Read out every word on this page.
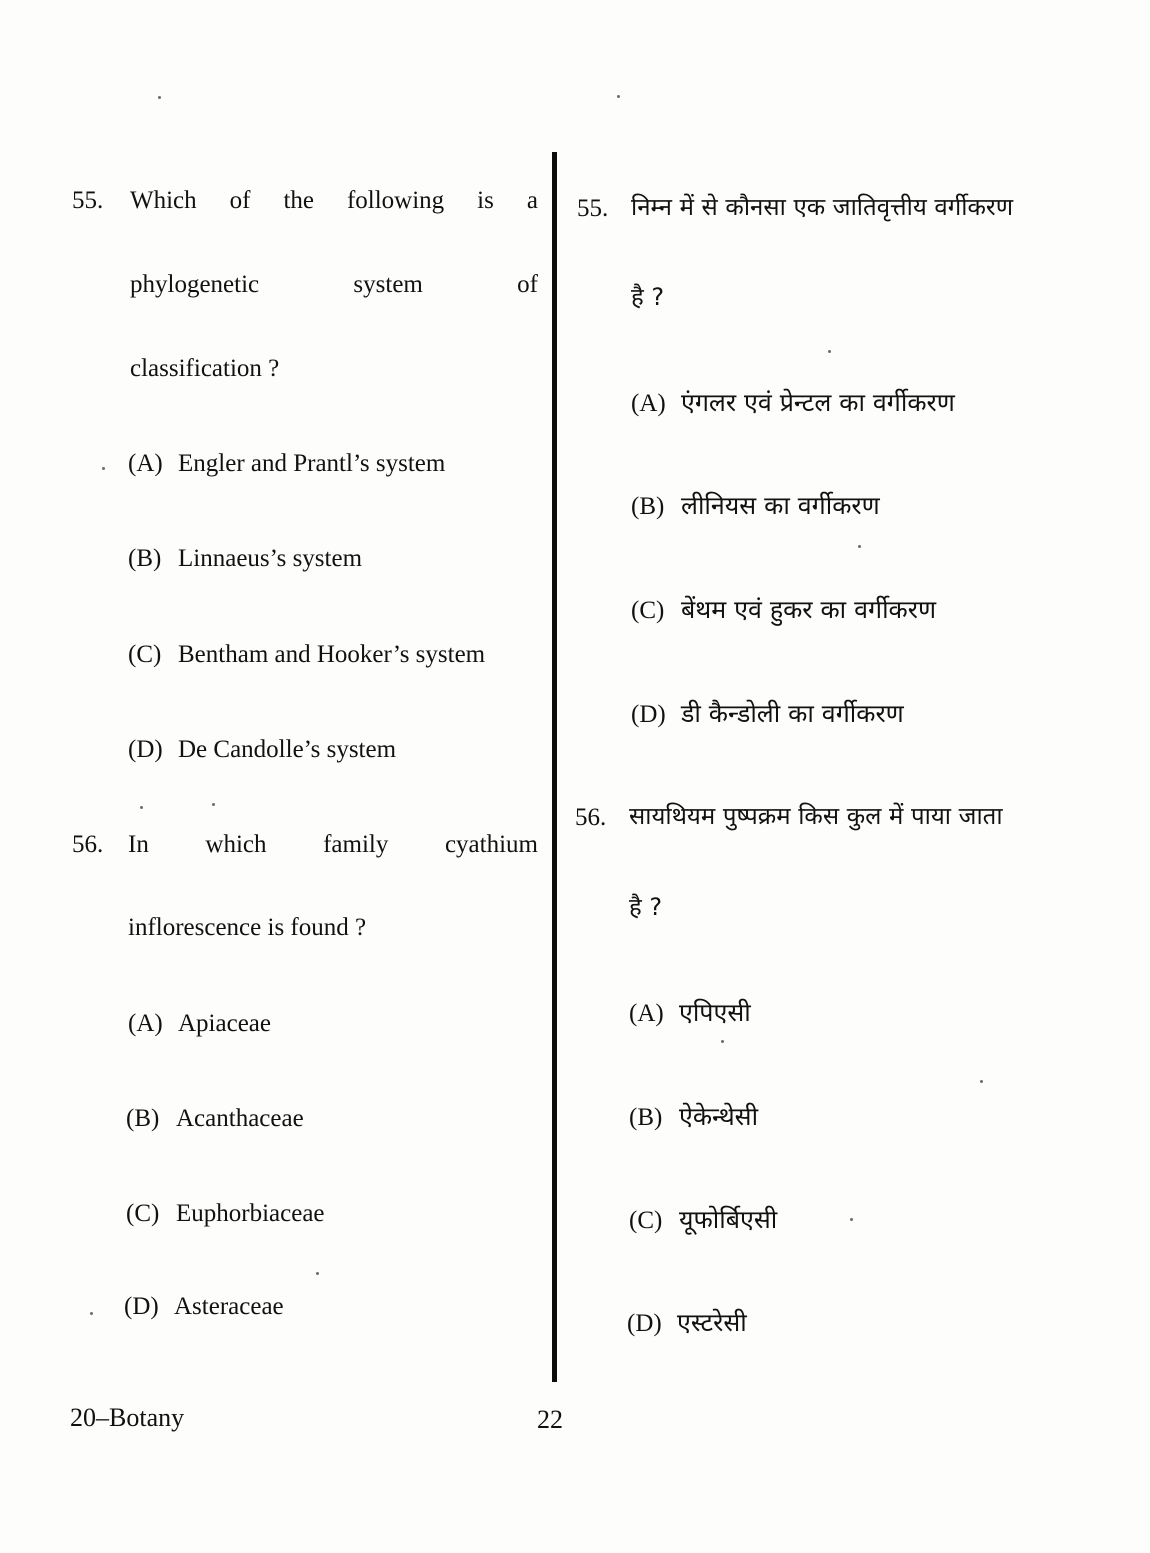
55. Which of the following is a
phylogenetic	system	of
classification ?
(A) Engler and Prantl’s system
(B) Linnaeus’s system
(C) Bentham and Hooker’s system
(D) De Candolle’s system
56. In which family cyathium
inflorescence is found ?
(A) Apiaceae
(B) Acanthaceae
(C) Euphorbiaceae
(D) Asteraceae
55. निम्न में से कौनसा एक जातिवृत्तीय वर्गीकरण
है ?
(A) एंगलर एवं प्रेन्टल का वर्गीकरण
(B) लीनियस का वर्गीकरण
(C) बेंथम एवं हुकर का वर्गीकरण
(D) डी कैन्डोली का वर्गीकरण
56. सायथियम पुष्पक्रम किस कुल में पाया जाता
है ?
(A) एपिएसी
(B) ऐकेन्थेसी
(C) यूफोर्बिएसी
(D) एस्टरेसी
20–Botany	22
